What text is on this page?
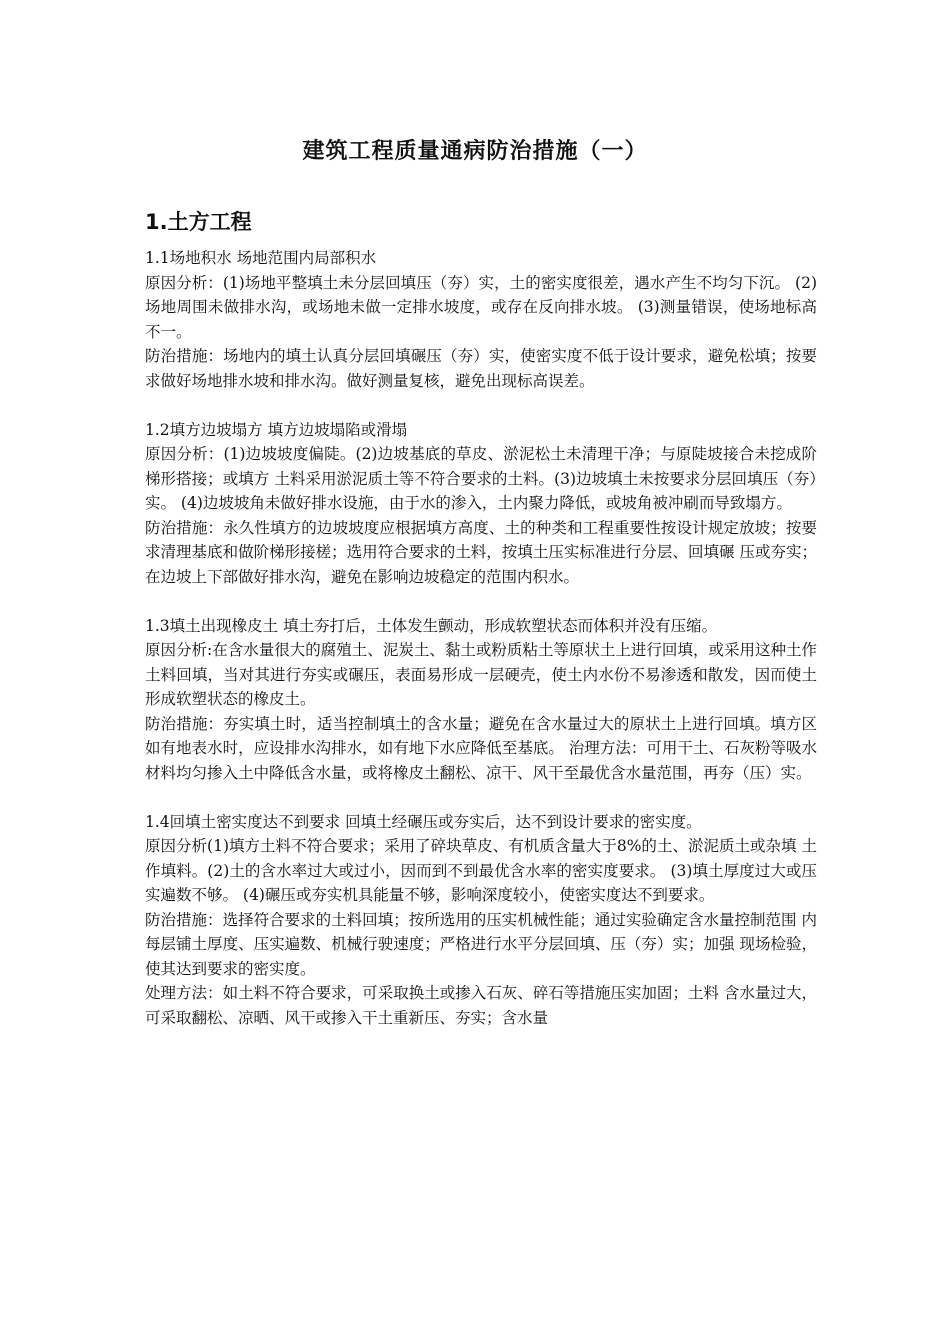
建筑工程质量通病防治措施（一）
1.土方工程

1.1场地积水 场地范围内局部积水

原因分析：(1)场地平整填土未分层回填压（夯）实，土的密实度很差，遇水产生不均匀下沉。 (2)场地周围未做排水沟，或场地未做一定排水坡度，或存在反向排水坡。 (3)测量错误，使场地标高不一。

防治措施：场地内的填土认真分层回填碾压（夯）实，使密实度不低于设计要求，避免松填；按要求做好场地排水坡和排水沟。做好测量复核，避免出现标高误差。

1.2填方边坡塌方 填方边坡塌陷或滑塌

原因分析：(1)边坡坡度偏陡。(2)边坡基底的草皮、淤泥松土未清理干净；与原陡坡接合未挖成阶梯形搭接；或填方 土料采用淤泥质土等不符合要求的土料。(3)边坡填土未按要求分层回填压（夯）实。 (4)边坡坡角未做好排水设施，由于水的渗入，土内聚力降低，或坡角被冲刷而导致塌方。

防治措施：永久性填方的边坡坡度应根据填方高度、土的种类和工程重要性按设计规定放坡；按要求清理基底和做阶梯形接槎；选用符合要求的土料，按填土压实标准进行分层、回填碾 压或夯实；在边坡上下部做好排水沟，避免在影响边坡稳定的范围内积水。

1.3填土出现橡皮土 填土夯打后，土体发生颤动，形成软塑状态而体积并没有压缩。

原因分析:在含水量很大的腐殖土、泥炭土、黏土或粉质粘土等原状土上进行回填，或采用这种土作土料回填，当对其进行夯实或碾压，表面易形成一层硬壳，使土内水份不易渗透和散发，因而使土形成软塑状态的橡皮土。

防治措施：夯实填土时，适当控制填土的含水量；避免在含水量过大的原状土上进行回填。填方区如有地表水时，应设排水沟排水，如有地下水应降低至基底。 治理方法：可用干土、石灰粉等吸水材料均匀掺入土中降低含水量，或将橡皮土翻松、凉干、风干至最优含水量范围，再夯（压）实。

1.4回填土密实度达不到要求 回填土经碾压或夯实后，达不到设计要求的密实度。

原因分析(1)填方土料不符合要求；采用了碎块草皮、有机质含量大于8%的土、淤泥质土或杂填 土作填料。(2)土的含水率过大或过小，因而到不到最优含水率的密实度要求。 (3)填土厚度过大或压实遍数不够。 (4)碾压或夯实机具能量不够，影响深度较小，使密实度达不到要求。

防治措施：选择符合要求的土料回填；按所选用的压实机械性能；通过实验确定含水量控制范围 内每层铺土厚度、压实遍数、机械行驶速度；严格进行水平分层回填、压（夯）实；加强 现场检验，使其达到要求的密实度。

处理方法：如土料不符合要求，可采取换土或掺入石灰、碎石等措施压实加固；土料 含水量过大，可采取翻松、凉晒、风干或掺入干土重新压、夯实；含水量
